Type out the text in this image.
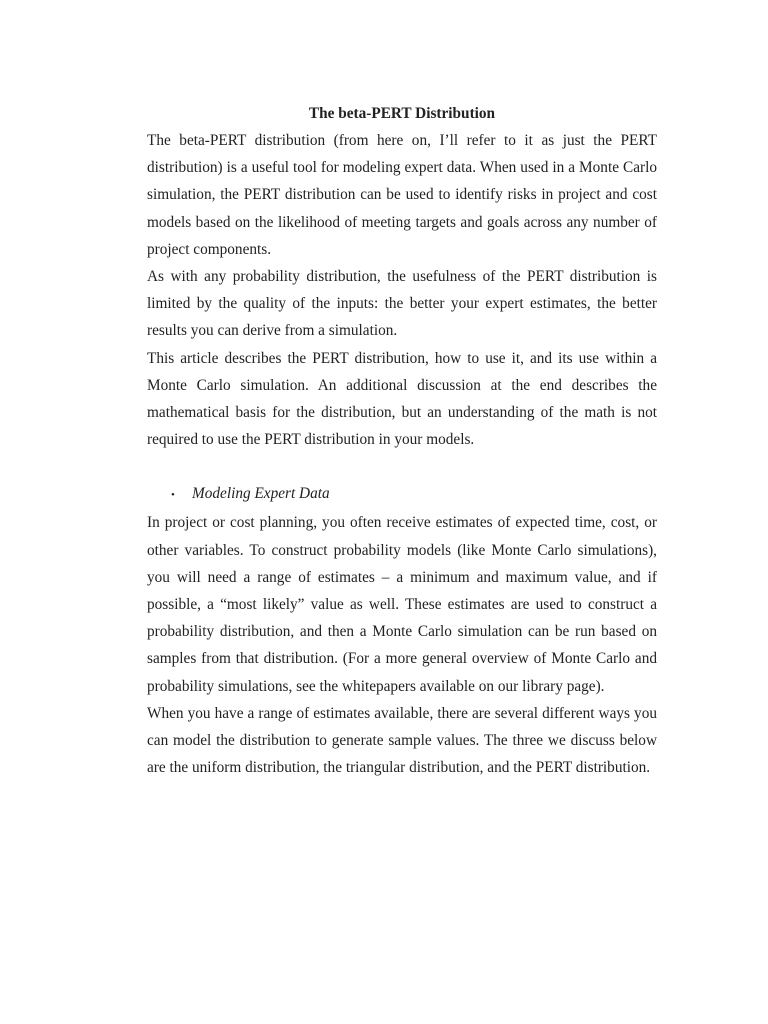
The beta-PERT Distribution

The beta-PERT distribution (from here on, I’ll refer to it as just the PERT distribution) is a useful tool for modeling expert data. When used in a Monte Carlo simulation, the PERT distribution can be used to identify risks in project and cost models based on the likelihood of meeting targets and goals across any number of project components.

As with any probability distribution, the usefulness of the PERT distribution is limited by the quality of the inputs: the better your expert estimates, the better results you can derive from a simulation.

This article describes the PERT distribution, how to use it, and its use within a Monte Carlo simulation. An additional discussion at the end describes the mathematical basis for the distribution, but an understanding of the math is not required to use the PERT distribution in your models.

•	Modeling Expert Data

In project or cost planning, you often receive estimates of expected time, cost, or other variables. To construct probability models (like Monte Carlo simulations), you will need a range of estimates – a minimum and maximum value, and if possible, a “most likely” value as well. These estimates are used to construct a probability distribution, and then a Monte Carlo simulation can be run based on samples from that distribution. (For a more general overview of Monte Carlo and probability simulations, see the whitepapers available on our library page).

When you have a range of estimates available, there are several different ways you can model the distribution to generate sample values. The three we discuss below are the uniform distribution, the triangular distribution, and the PERT distribution.
